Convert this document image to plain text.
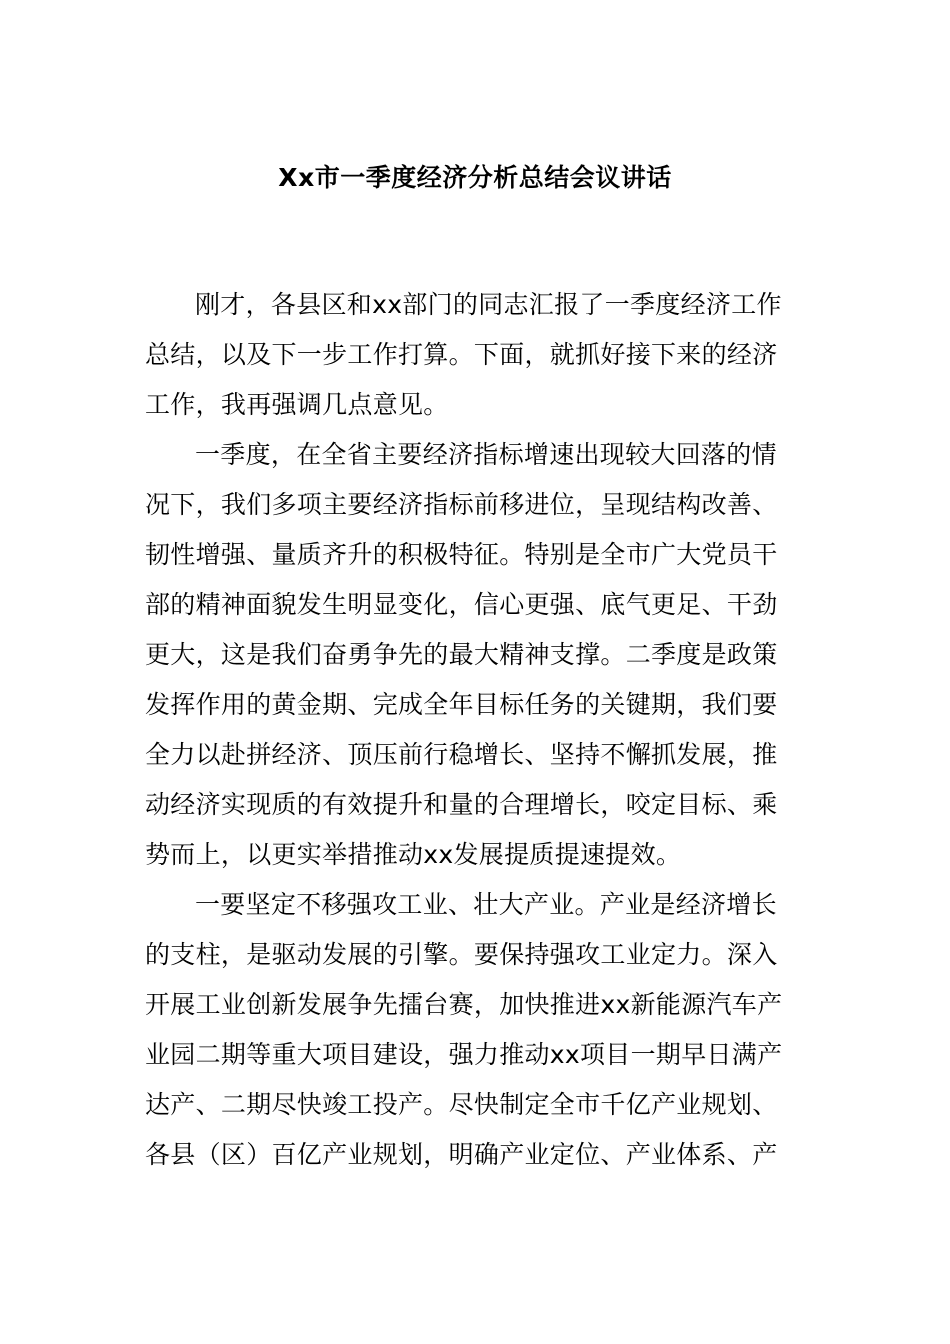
Xx市一季度经济分析总结会议讲话
刚才，各县区和xx部门的同志汇报了一季度经济工作
总结，以及下一步工作打算。下面，就抓好接下来的经济
工作，我再强调几点意见。
一季度，在全省主要经济指标增速出现较大回落的情
况下，我们多项主要经济指标前移进位，呈现结构改善、
韧性增强、量质齐升的积极特征。特别是全市广大党员干
部的精神面貌发生明显变化，信心更强、底气更足、干劲
更大，这是我们奋勇争先的最大精神支撑。二季度是政策
发挥作用的黄金期、完成全年目标任务的关键期，我们要
全力以赴拼经济、顶压前行稳增长、坚持不懈抓发展，推
动经济实现质的有效提升和量的合理增长，咬定目标、乘
势而上，以更实举措推动xx发展提质提速提效。
一要坚定不移强攻工业、壮大产业。产业是经济增长
的支柱，是驱动发展的引擎。要保持强攻工业定力。深入
开展工业创新发展争先擂台赛，加快推进xx新能源汽车产
业园二期等重大项目建设，强力推动xx项目一期早日满产
达产、二期尽快竣工投产。尽快制定全市千亿产业规划、
各县（区）百亿产业规划，明确产业定位、产业体系、产
